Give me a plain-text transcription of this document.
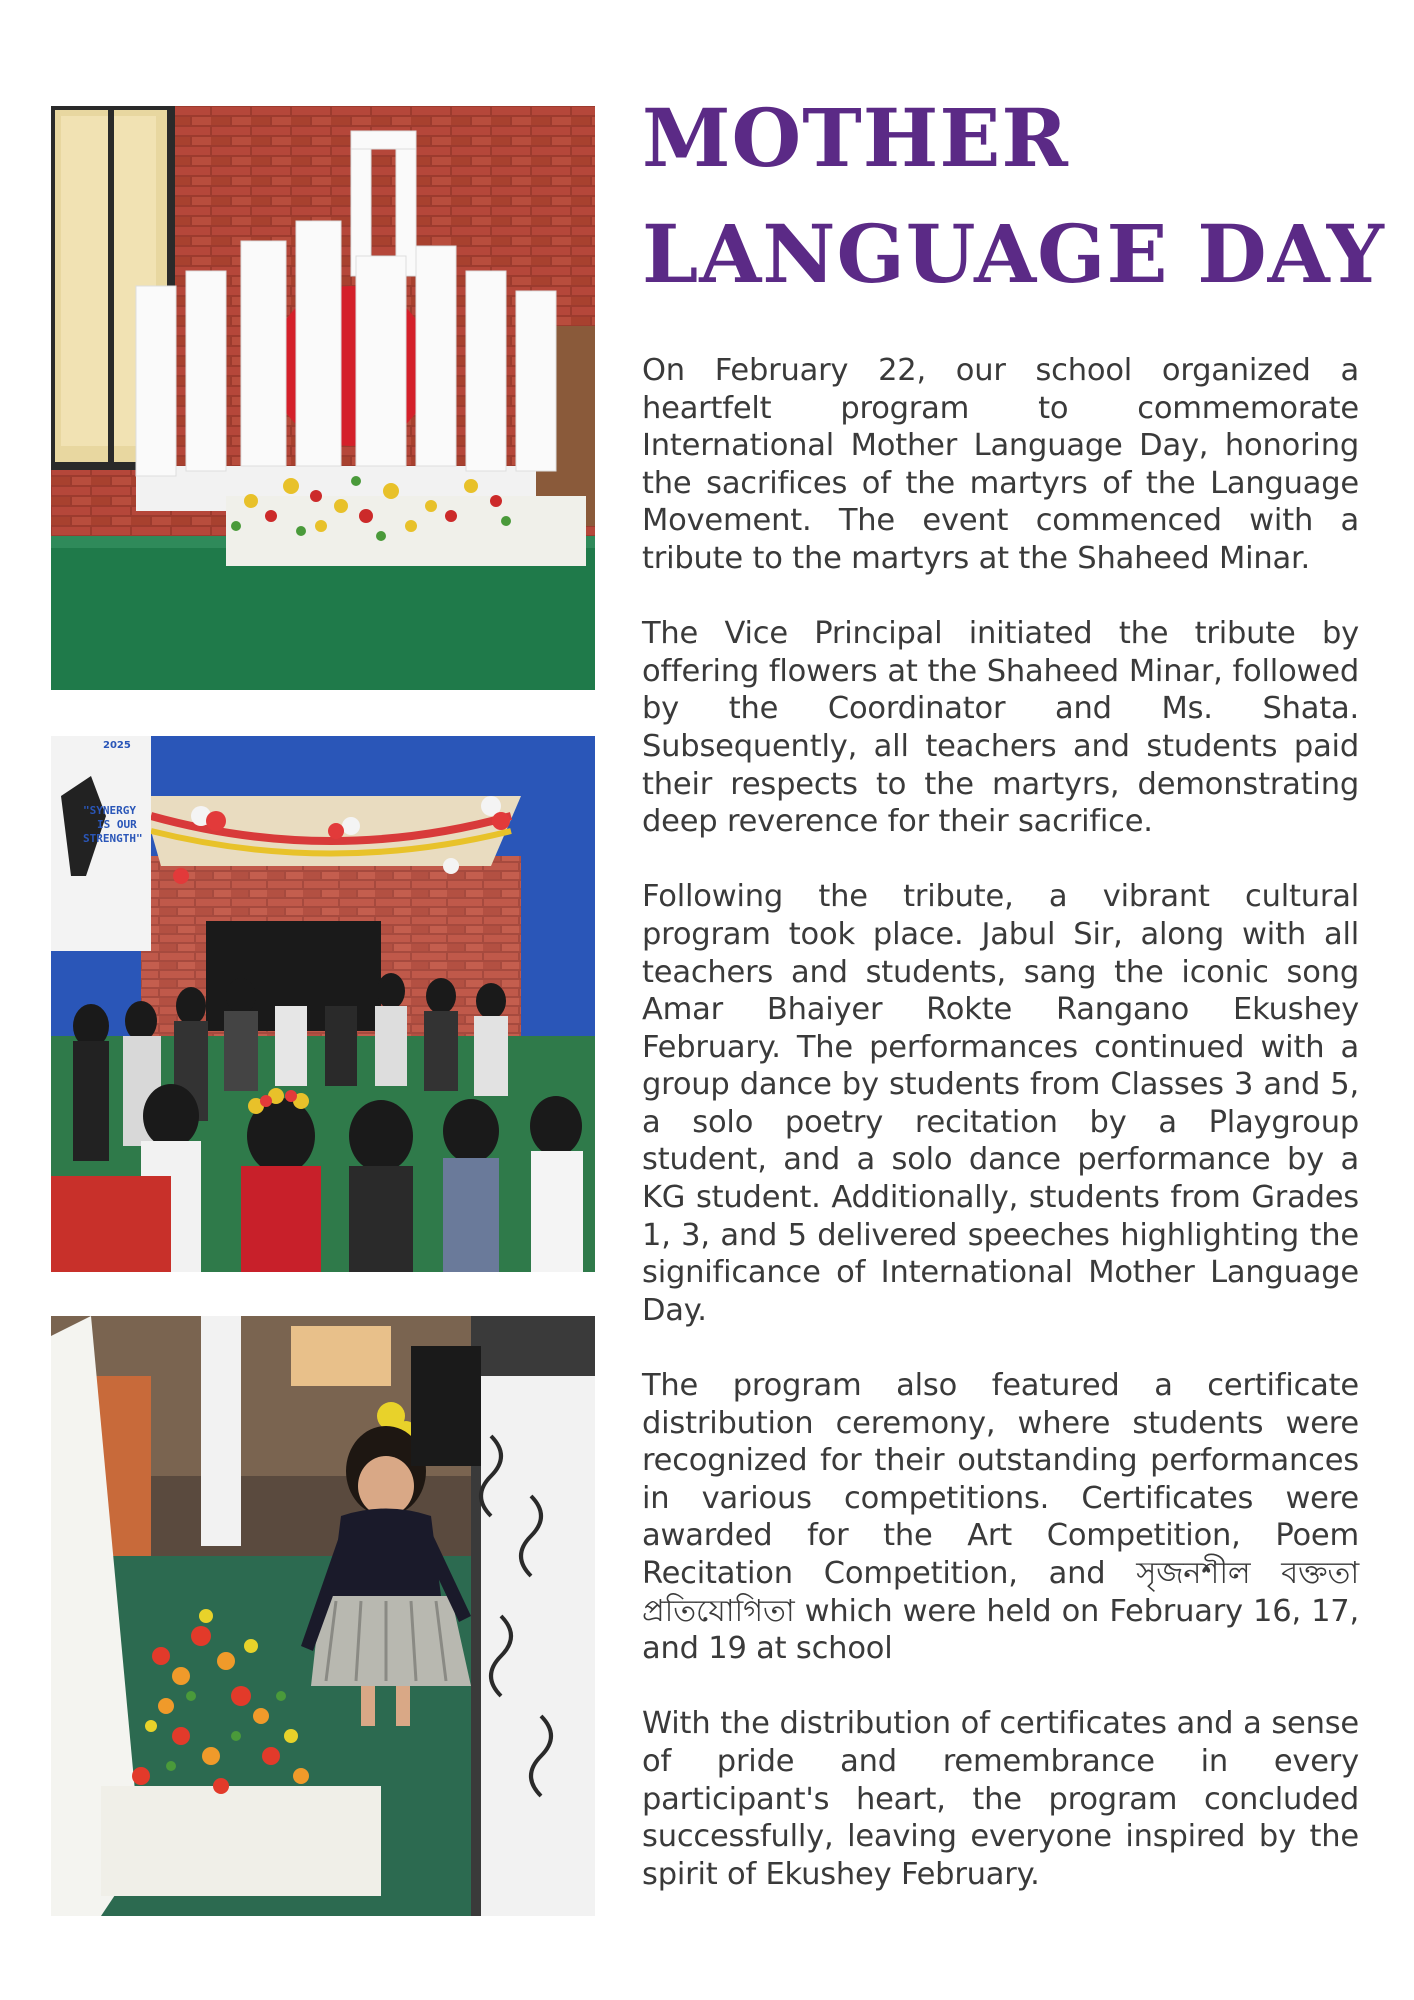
2025
"SYNERGY
IS OUR
STRENGTH"
MOTHER
LANGUAGE DAY

On February 22, our school organized a heartfelt program to commemorate International Mother Language Day, honoring the sacrifices of the martyrs of the Language Movement. The event commenced with a tribute to the martyrs at the Shaheed Minar.

The Vice Principal initiated the tribute by offering flowers at the Shaheed Minar, followed by the Coordinator and Ms. Shata. Subsequently, all teachers and students paid their respects to the martyrs, demonstrating deep reverence for their sacrifice.

Following the tribute, a vibrant cultural program took place. Jabul Sir, along with all teachers and students, sang the iconic song Amar Bhaiyer Rokte Rangano Ekushey February. The performances continued with a group dance by students from Classes 3 and 5, a solo poetry recitation by a Playgroup student, and a solo dance performance by a KG student. Additionally, students from Grades 1, 3, and 5 delivered speeches highlighting the significance of International Mother Language Day.

The program also featured a certificate distribution ceremony, where students were recognized for their outstanding performances in various competitions. Certificates were awarded for the Art Competition, Poem Recitation Competition, and সৃজনশীল বক্ততা প্রতিযোগিতা which were held on February 16, 17, and 19 at school

With the distribution of certificates and a sense of pride and remembrance in every participant's heart, the program concluded successfully, leaving everyone inspired by the spirit of Ekushey February.
